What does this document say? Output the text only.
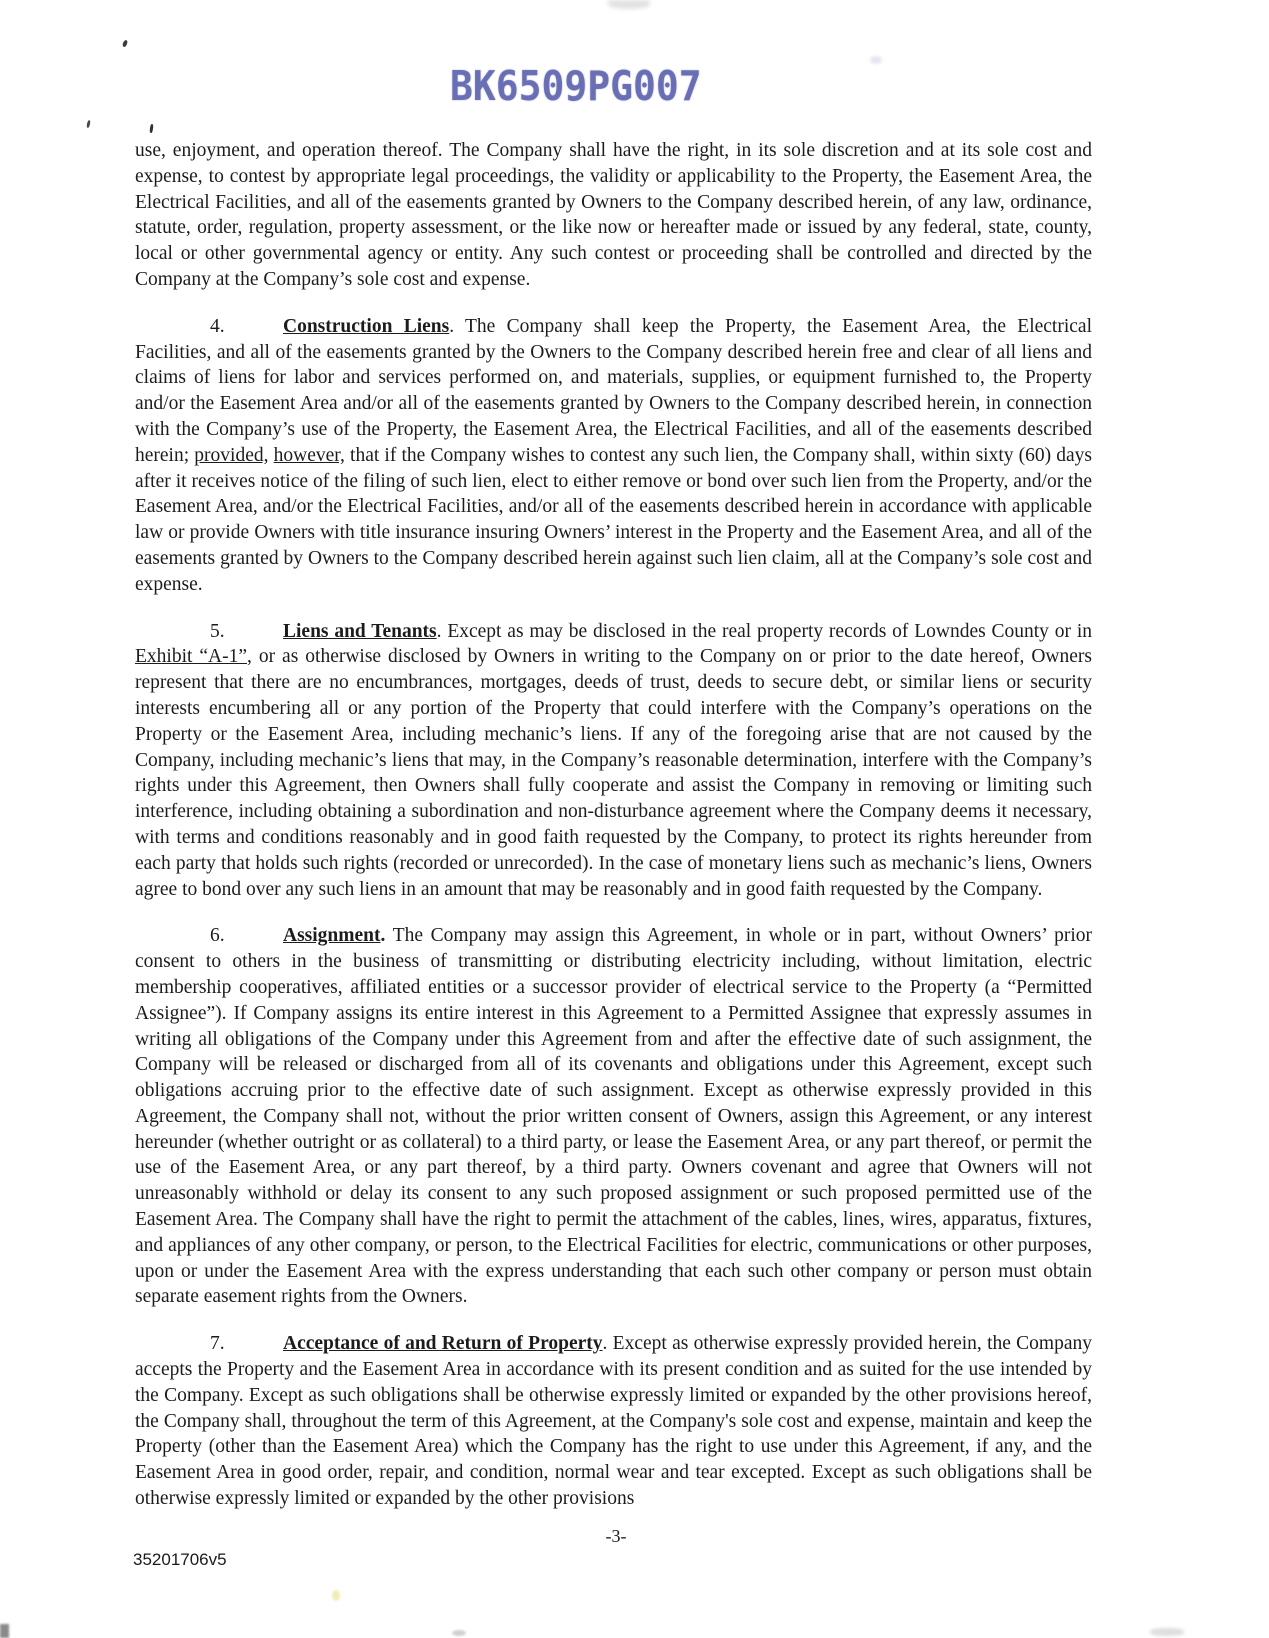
BK6509PG007

use, enjoyment, and operation thereof. The Company shall have the right, in its sole discretion and at its sole cost and expense, to contest by appropriate legal proceedings, the validity or applicability to the Property, the Easement Area, the Electrical Facilities, and all of the easements granted by Owners to the Company described herein, of any law, ordinance, statute, order, regulation, property assessment, or the like now or hereafter made or issued by any federal, state, county, local or other governmental agency or entity. Any such contest or proceeding shall be controlled and directed by the Company at the Company’s sole cost and expense.

4.	Construction Liens. The Company shall keep the Property, the Easement Area, the Electrical Facilities, and all of the easements granted by the Owners to the Company described herein free and clear of all liens and claims of liens for labor and services performed on, and materials, supplies, or equipment furnished to, the Property and/or the Easement Area and/or all of the easements granted by Owners to the Company described herein, in connection with the Company’s use of the Property, the Easement Area, the Electrical Facilities, and all of the easements described herein; provided, however, that if the Company wishes to contest any such lien, the Company shall, within sixty (60) days after it receives notice of the filing of such lien, elect to either remove or bond over such lien from the Property, and/or the Easement Area, and/or the Electrical Facilities, and/or all of the easements described herein in accordance with applicable law or provide Owners with title insurance insuring Owners’ interest in the Property and the Easement Area, and all of the easements granted by Owners to the Company described herein against such lien claim, all at the Company’s sole cost and expense.

5.	Liens and Tenants. Except as may be disclosed in the real property records of Lowndes County or in Exhibit “A-1”, or as otherwise disclosed by Owners in writing to the Company on or prior to the date hereof, Owners represent that there are no encumbrances, mortgages, deeds of trust, deeds to secure debt, or similar liens or security interests encumbering all or any portion of the Property that could interfere with the Company’s operations on the Property or the Easement Area, including mechanic’s liens. If any of the foregoing arise that are not caused by the Company, including mechanic’s liens that may, in the Company’s reasonable determination, interfere with the Company’s rights under this Agreement, then Owners shall fully cooperate and assist the Company in removing or limiting such interference, including obtaining a subordination and non-disturbance agreement where the Company deems it necessary, with terms and conditions reasonably and in good faith requested by the Company, to protect its rights hereunder from each party that holds such rights (recorded or unrecorded). In the case of monetary liens such as mechanic’s liens, Owners agree to bond over any such liens in an amount that may be reasonably and in good faith requested by the Company.

6.	Assignment. The Company may assign this Agreement, in whole or in part, without Owners’ prior consent to others in the business of transmitting or distributing electricity including, without limitation, electric membership cooperatives, affiliated entities or a successor provider of electrical service to the Property (a “Permitted Assignee”). If Company assigns its entire interest in this Agreement to a Permitted Assignee that expressly assumes in writing all obligations of the Company under this Agreement from and after the effective date of such assignment, the Company will be released or discharged from all of its covenants and obligations under this Agreement, except such obligations accruing prior to the effective date of such assignment. Except as otherwise expressly provided in this Agreement, the Company shall not, without the prior written consent of Owners, assign this Agreement, or any interest hereunder (whether outright or as collateral) to a third party, or lease the Easement Area, or any part thereof, or permit the use of the Easement Area, or any part thereof, by a third party. Owners covenant and agree that Owners will not unreasonably withhold or delay its consent to any such proposed assignment or such proposed permitted use of the Easement Area. The Company shall have the right to permit the attachment of the cables, lines, wires, apparatus, fixtures, and appliances of any other company, or person, to the Electrical Facilities for electric, communications or other purposes, upon or under the Easement Area with the express understanding that each such other company or person must obtain separate easement rights from the Owners.

7.	Acceptance of and Return of Property. Except as otherwise expressly provided herein, the Company accepts the Property and the Easement Area in accordance with its present condition and as suited for the use intended by the Company. Except as such obligations shall be otherwise expressly limited or expanded by the other provisions hereof, the Company shall, throughout the term of this Agreement, at the Company's sole cost and expense, maintain and keep the Property (other than the Easement Area) which the Company has the right to use under this Agreement, if any, and the Easement Area in good order, repair, and condition, normal wear and tear excepted. Except as such obligations shall be otherwise expressly limited or expanded by the other provisions

-3-
35201706v5
